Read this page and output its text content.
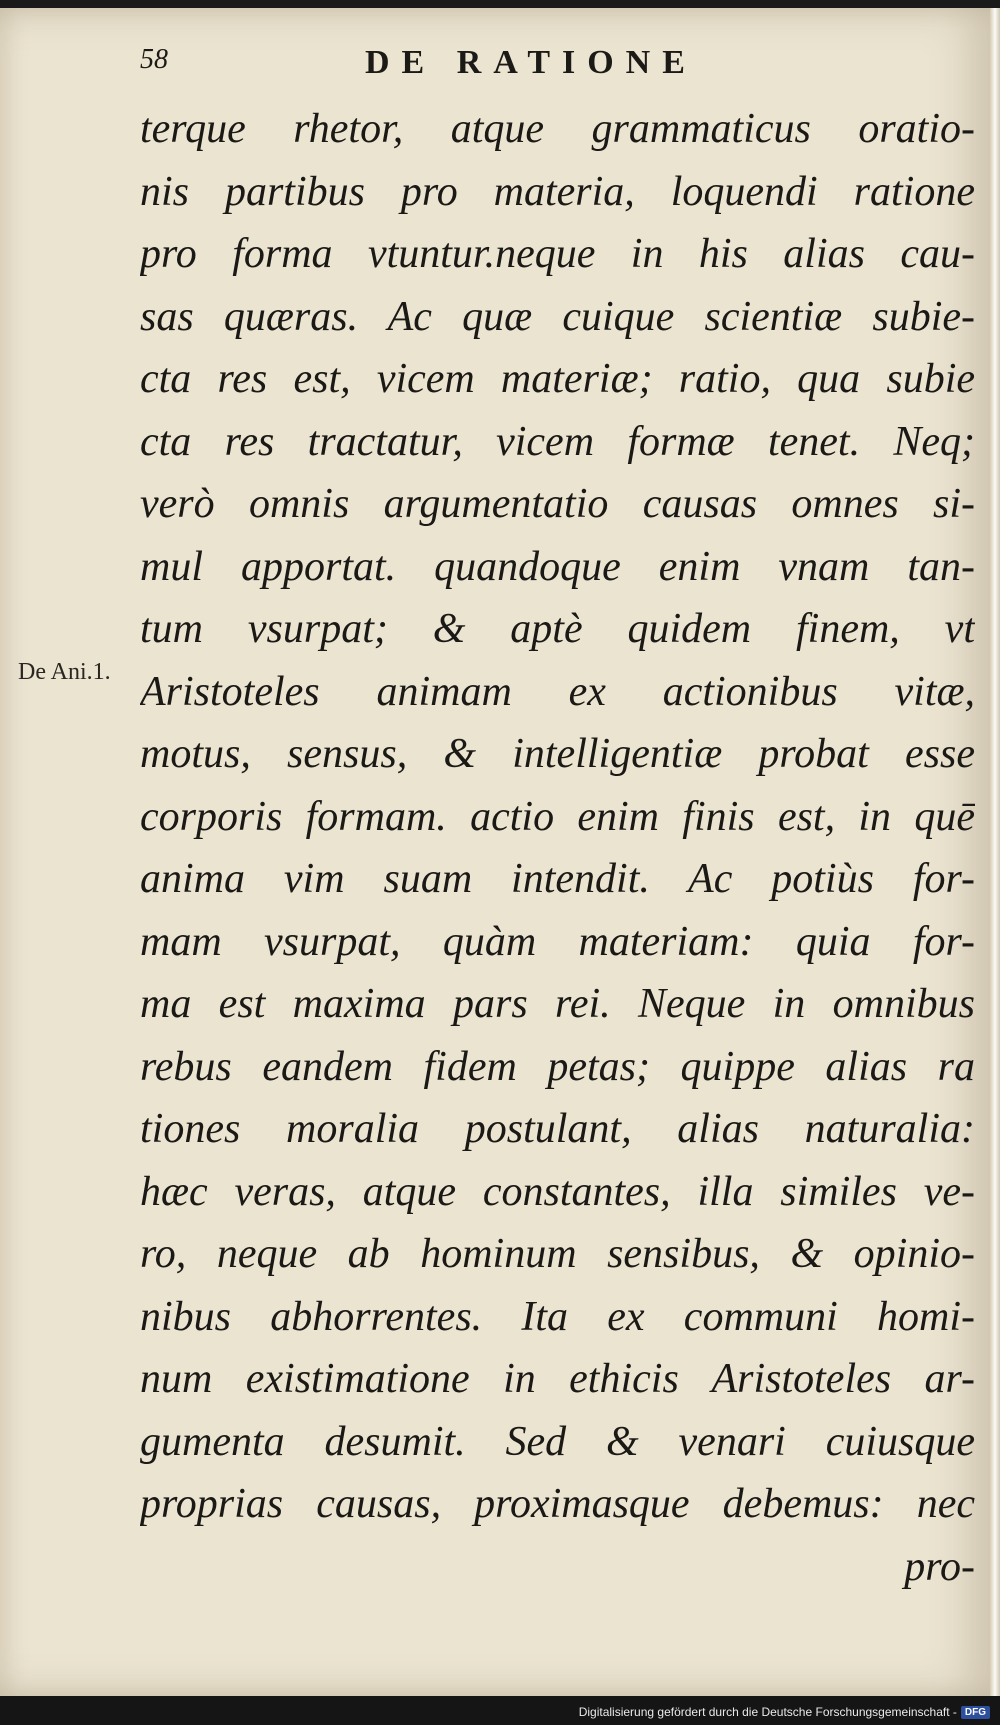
58	DE RATIONE
De Ani.1.
terque rhetor, atque grammaticus oratio-
nis partibus pro materia, loquendi ratione
pro forma vtuntur.neque in his alias cau-
sas quæras. Ac quæ cuique scientiæ subie-
cta res est, vicem materiæ; ratio, qua subie
cta res tractatur, vicem formæ tenet. Neq;
verò omnis argumentatio causas omnes si-
mul apportat. quandoque enim vnam tan-
tum vsurpat; & aptè quidem finem, vt
Aristoteles animam ex actionibus vitæ,
motus, sensus, & intelligentiæ probat esse
corporis formam. actio enim finis est, in quē
anima vim suam intendit. Ac potiùs for-
mam vsurpat, quàm materiam: quia for-
ma est maxima pars rei. Neque in omnibus
rebus eandem fidem petas; quippe alias ra
tiones moralia postulant, alias naturalia:
hæc veras, atque constantes, illa similes ve-
ro, neque ab hominum sensibus, & opinio-
nibus abhorrentes. Ita ex communi homi-
num existimatione in ethicis Aristoteles ar-
gumenta desumit. Sed & venari cuiusque
proprias causas, proximasque debemus: nec
pro-
Digitalisierung gefördert durch die Deutsche Forschungsgemeinschaft - DFG
